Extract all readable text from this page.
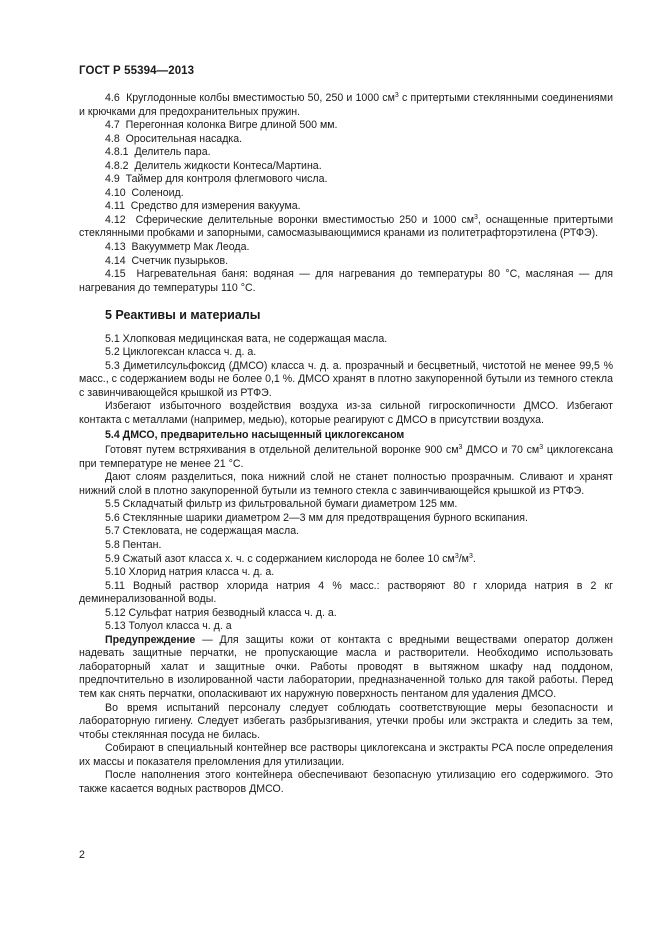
ГОСТ Р 55394—2013

4.6 Круглодонные колбы вместимостью 50, 250 и 1000 $см^3$ с притертыми стеклянными соединениями и крючками для предохранительных пружин.

4.7 Перегонная колонка Вигре длиной 500 мм.

4.8 Оросительная насадка.

4.8.1 Делитель пара.

4.8.2 Делитель жидкости Контеса/Мартина.

4.9 Таймер для контроля флегмового числа.

4.10 Соленоид.

4.11 Средство для измерения вакуума.

4.12 Сферические делительные воронки вместимостью 250 и 1000 $см^3$, оснащенные притертыми стеклянными пробками и запорными, самосмазывающимися кранами из политетрафторэтилена (РТФЭ).

4.13 Вакуумметр Мак Леода.

4.14 Счетчик пузырьков.

4.15 Нагревательная баня: водяная — для нагревания до температуры 80 °C, масляная — для нагревания до температуры 110 °C.

5 Реактивы и материалы

5.1 Хлопковая медицинская вата, не содержащая масла.

5.2 Циклогексан класса ч. д. а.

5.3 Диметилсульфоксид (ДМСО) класса ч. д. а. прозрачный и бесцветный, чистотой не менее 99,5 % масс., с содержанием воды не более 0,1 %. ДМСО хранят в плотно закупоренной бутыли из темного стекла с завинчивающейся крышкой из РТФЭ.

Избегают избыточного воздействия воздуха из-за сильной гигроскопичности ДМСО. Избегают контакта с металлами (например, медью), которые реагируют с ДМСО в присутствии воздуха.

5.4 ДМСО, предварительно насыщенный циклогексаном

Готовят путем встряхивания в отдельной делительной воронке 900 $см^3$ ДМСО и 70 $см^3$ циклогексана при температуре не менее 21 °C.

Дают слоям разделиться, пока нижний слой не станет полностью прозрачным. Сливают и хранят нижний слой в плотно закупоренной бутыли из темного стекла с завинчивающейся крышкой из РТФЭ.

5.5 Складчатый фильтр из фильтровальной бумаги диаметром 125 мм.

5.6 Стеклянные шарики диаметром 2—3 мм для предотвращения бурного вскипания.

5.7 Стекловата, не содержащая масла.

5.8 Пентан.

5.9 Сжатый азот класса х. ч. с содержанием кислорода не более 10 $см^3/м^3$.

5.10 Хлорид натрия класса ч. д. а.

5.11 Водный раствор хлорида натрия 4 % масс.: растворяют 80 г хлорида натрия в 2 кг деминерализованной воды.

5.12 Сульфат натрия безводный класса ч. д. а.

5.13 Толуол класса ч. д. а

Предупреждение — Для защиты кожи от контакта с вредными веществами оператор должен надевать защитные перчатки, не пропускающие масла и растворители. Необходимо использовать лабораторный халат и защитные очки. Работы проводят в вытяжном шкафу над поддоном, предпочтительно в изолированной части лаборатории, предназначенной только для такой работы. Перед тем как снять перчатки, ополаскивают их наружную поверхность пентаном для удаления ДМСО.

Во время испытаний персоналу следует соблюдать соответствующие меры безопасности и лабораторную гигиену. Следует избегать разбрызгивания, утечки пробы или экстракта и следить за тем, чтобы стеклянная посуда не билась.

Собирают в специальный контейнер все растворы циклогексана и экстракты РСА после определения их массы и показателя преломления для утилизации.

После наполнения этого контейнера обеспечивают безопасную утилизацию его содержимого. Это также касается водных растворов ДМСО.

2
